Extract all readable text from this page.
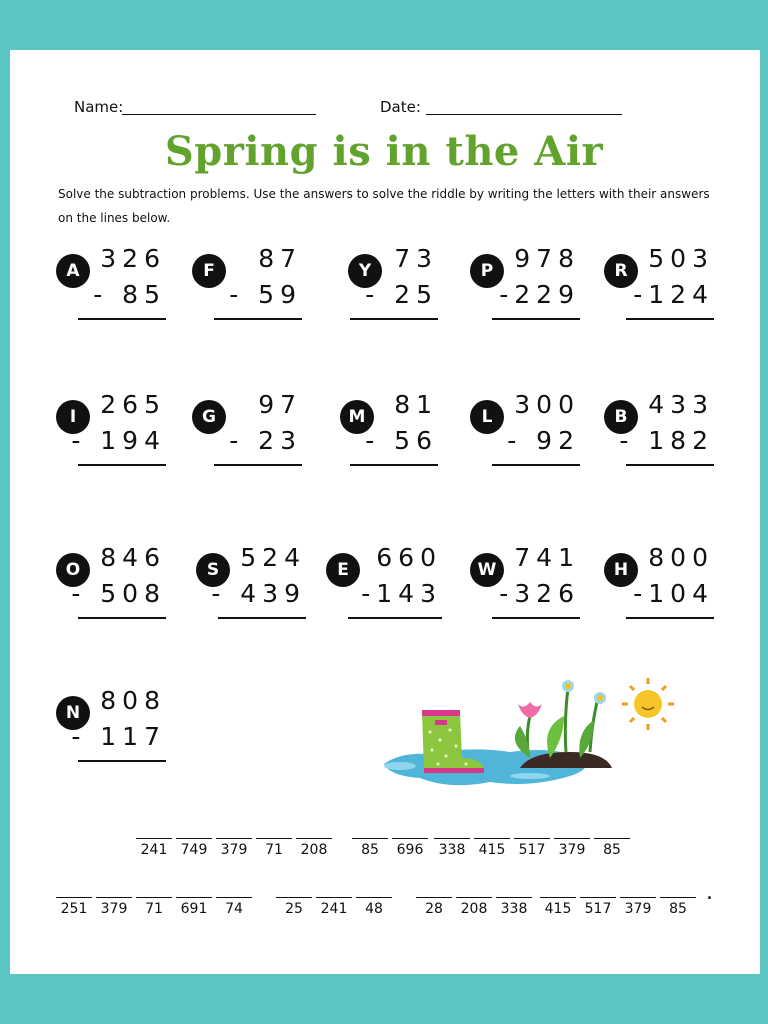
Name:	Date:
Spring is in the Air
Solve the subtraction problems. Use the answers to solve the riddle by writing the letters with their answers on the lines below.
A 326
- 85
F	87
- 59
Y 73
- 25
P 978
-229
R 503
-124
I 265
- 194
G	97
- 23
M	81
- 56
L 300
- 92
B 433
- 182
O 846
- 508
S 524
- 439
E	660
-143
W 741
-326
H 800
-104
N 808
- 117
241 749 379	71	208	85	696	338 415 517 379	85
251 379	71	691	74	25	241	48	28	208 338	415 517 379	85
.
